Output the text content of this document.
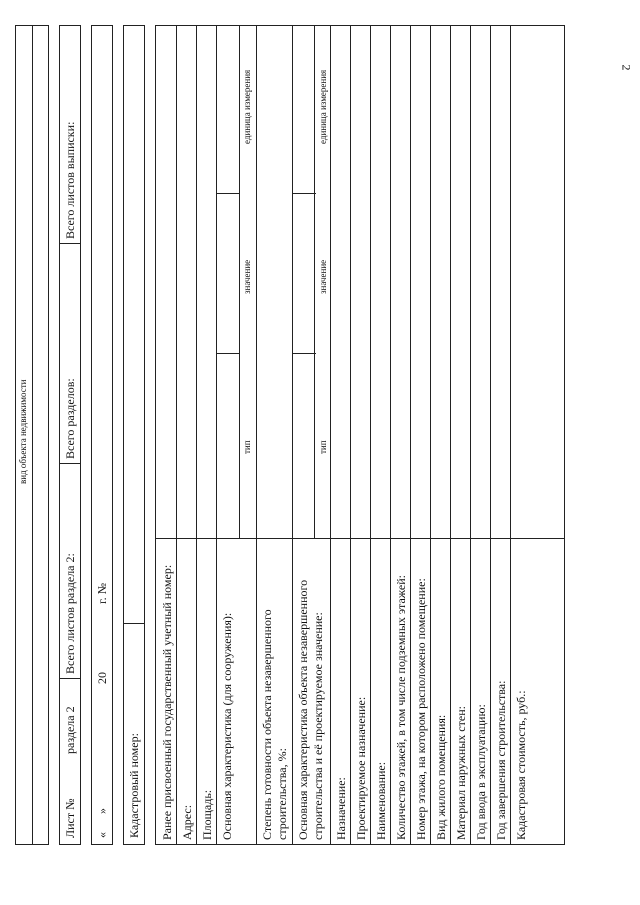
2
вид объекта недвижимости
Лист №
раздела 2
Всего листов раздела 2:
Всего разделов:
Всего листов выписки:
«
»
20
г. №
Кадастровый номер: Ранее присвоенный государственный учетный номер: Адрес: Площадь: Основная характеристика (для сооружения):
тип
значение
единица измерения
Степень готовности объекта незавершенного строительства, %: Основная характеристика объекта незавершенного строительства и её проектируемое значение:
тип
значение
единица измерения
Назначение: Проектируемое назначение: Наименование: Количество этажей, в том числе подземных этажей: Номер этажа, на котором расположено помещение: Вид жилого помещения: Материал наружных стен: Год ввода в эксплуатацию: Год завершения строительства: Кадастровая стоимость, руб.:
